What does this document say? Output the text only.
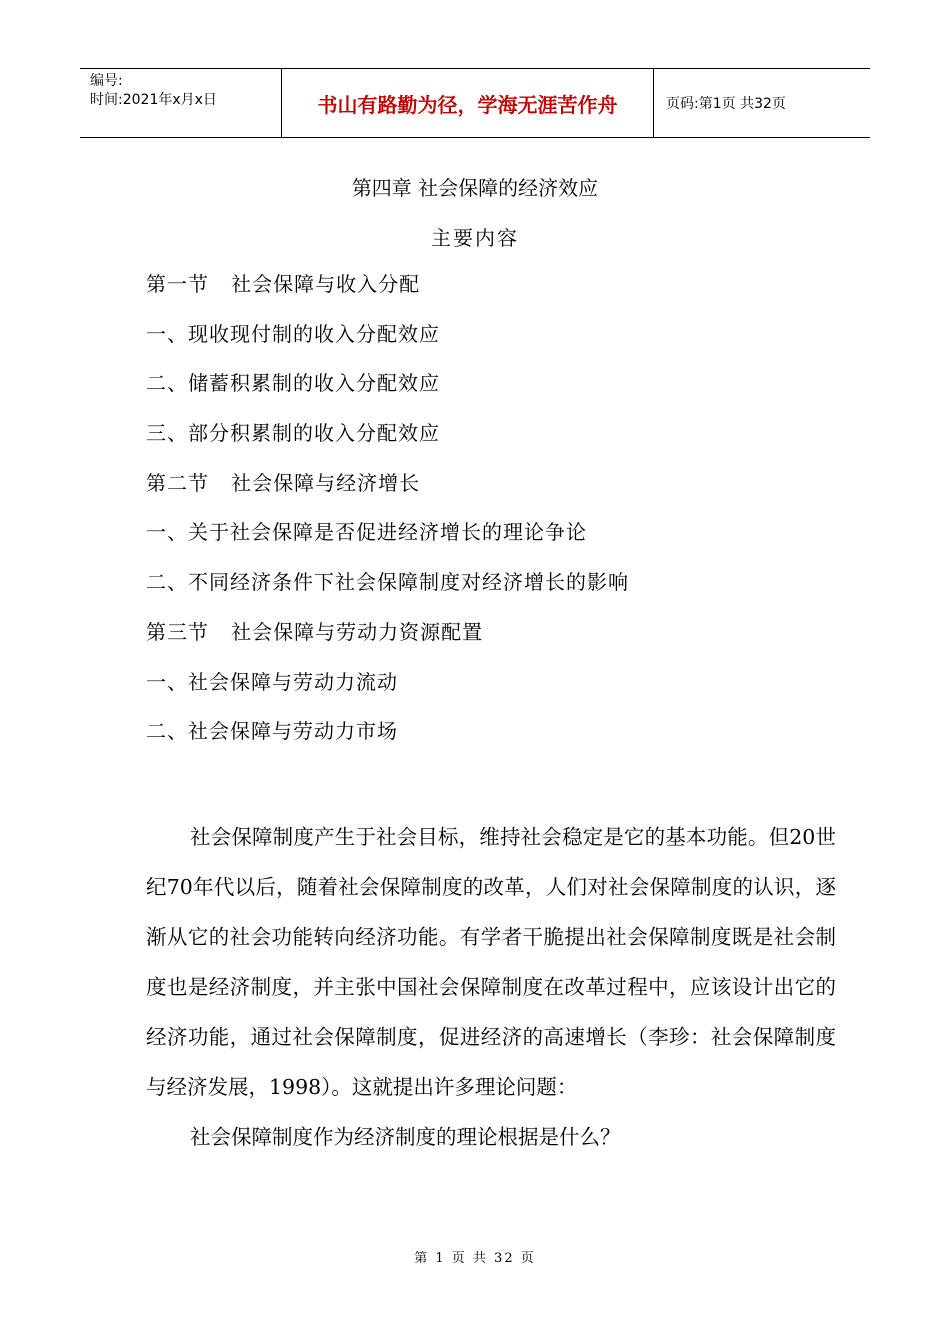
编号:
时间:2021年x月x日	书山有路勤为径，学海无涯苦作舟	页码:第1页 共32页
第四章 社会保障的经济效应
主要内容
第一节   社会保障与收入分配
一、现收现付制的收入分配效应
二、储蓄积累制的收入分配效应
三、部分积累制的收入分配效应
第二节   社会保障与经济增长
一、关于社会保障是否促进经济增长的理论争论
二、不同经济条件下社会保障制度对经济增长的影响
第三节   社会保障与劳动力资源配置
一、社会保障与劳动力流动
二、社会保障与劳动力市场

社会保障制度产生于社会目标，维持社会稳定是它的基本功能。但20世纪70年代以后，随着社会保障制度的改革，人们对社会保障制度的认识，逐渐从它的社会功能转向经济功能。有学者干脆提出社会保障制度既是社会制度也是经济制度，并主张中国社会保障制度在改革过程中，应该设计出它的经济功能，通过社会保障制度，促进经济的高速增长（李珍：社会保障制度与经济发展，1998）。这就提出许多理论问题：

社会保障制度作为经济制度的理论根据是什么？

第 1 页 共 32 页
